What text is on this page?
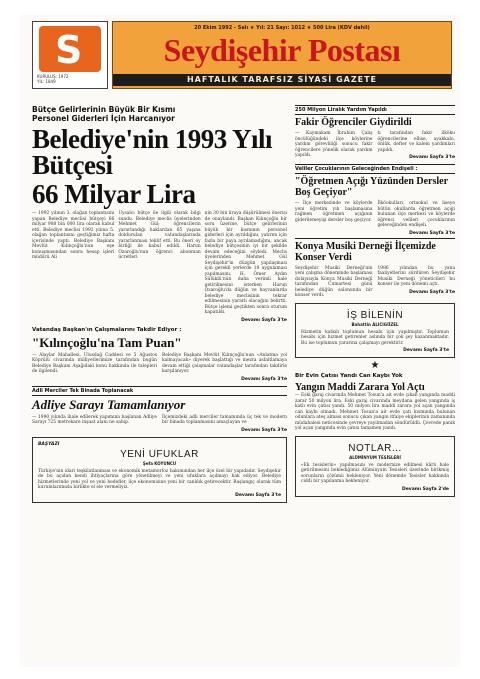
S
KURULUŞ: 1972
YIL: 1849
20 Ekim 1992 - Salı ★ Yıl: 21 Sayı: 1012 ★ 500 Lira (KDV dahil)
Seydişehir Postası
HAFTALIK TARAFSIZ SİYASİ GAZETE
Bütçe Gelirlerinin Büyük Bir Kısmı
Personel Giderleri İçin Harcanıyor
Belediye'nin 1993 Yılı Bütçesi
66 Milyar Lira
— 1992 yılının 3. olağan toplantısını yapan Belediye meclisi bütçeyi 66 milyar 988 bin 000 lira olarak kabul etti. Belediye meclisi 1992 yılına 5. olağan toplantısını geçtiğimiz hafta içerisinde yaptı. Belediye Başkanı Mevlüt Kılınçoğlu'nun eşe konuşmasından sonra hesap işleri müdürü Ali
Uysalcı bütçe ile ilgili olarak bilgi sundu. Belediye meclis üyelerinden Mehmet Gül; öğrencilerin yararlandığı haklardan 65 yaşına doldurulan vatandaşlarında yararlanması teklif etti. Bu öneri oy birliği ile kabul edildi. Harun Ozaroğlu'nun öğrenci abonman ücretleri
nin 30 bin liraya düşürülmesi önerisi de onaylandı. Başkan Kılınçoğlu bir soru üzerine, bütçe gelirlerinin büyük bir kısmının personel giderleri için ayrıldığını, yatırım için fazla bir paya ayrılamadığını, ancak belediye bütçesinin iyi bir şekilde devam edeceğini söyledi. Meclis üyelerinden Mehmet Gül Seydişehir'in düzgün yapılaşması için gerekli yerlerde 18 uygulaması yapılmasını, H. Ömer Aydın Sülüklü'nün daha verimli hale getirilmesini isterken Harun Ozaroğlu'da düğün ve hayvanlarda belediye meclisinin tekrar edilmesinin yararlı olacağını belirtti. Bütçe işlemi geçtikten sonra oturum kapatıldı.
Devamı Sayfa 3'te
Vatandaş Başkan'ın Çalışmalarını Takdir Ediyor :
"Kılınçoğlu'na Tam Puan"
— Alaylar Mahallesi, Ulusdağ Caddesi ve 5 Ağustos Köprülü civarında milliyetlerimize tarafından bugün Belediye Başkanı Aşağıdaki konu hakkında ile talepleri de ilgilendi.
Belediye Başkanı Mevlüt Kılınçoğlu'nun «Anlatma yol kalmayacak» diyerek başlattığı ve mezra asfaltlamaya devam ettiği çalışmalar vatandaşlar tarafından takdirle karşılanıyor.
Devamı Sayfa 3'te
Adli Merciler Tek Binada Toplanacak
Adliye Sarayı Tamamlanıyor
— 1990 yılında ihale edilerek yapımına başlanan Adliye Sarayı 725 metrekare inşaat alanı ne sahip.
İlçemizdeki adli merciler tamamında üç tek ve modern bir binada toplanmasını amaçlayan ve
Devamı Sayfa 3'te
BAŞYAZI
YENİ UFUKLAR
Şefa KOYUNCU
Türkiye'nin idari teşkilatlanması ve ekonomik metamorfoz bakımından her ilçe özel bir yapıdadır. Seydişehir de bu açıdan kendi ihtiyaçlarına göre yönetilmeyi ve yeni ufuklara açılmayı hak ediyor. Belediye hizmetlerinde yeni yol ve yeni hedefler, ilçe ekonomisine yeni bir canlılık getirecektir. Başlangıç olarak tüm kurumlarımızla birlikte el ele vermeliyiz.
Devamı Sayfa 3'te
250 Milyon Liralık Yardım Yapıldı
Fakir Öğrenciler Giydirildi
— Kaymakam İbrahim Çalış öncülüğündeki ilçe köylerine yardım görevliliği sonucu fakir öğrencilere yönelik olarak yardım yapıldı.
tı tarafından fakir ilköku öğrencilerine ellise, ayakkabı, önlük, defter ve kalem yardımları yapıldı.
Devamı Sayfa 3'te
Veliler Çocuklarının Geleceğinden Endişeli :
"Öğretmen Açığı Yüzünden Dersler Boş Geçiyor"
— İlçe merkezinde ve köylerde yeni öğretim yılı başlamasına rağmen öğretmen açığının giderilemeyişi dersler boş geçiyor.
İlköokulları, ortaokul ve liseye bütün okullarda öğretmen açığı bulunan ilçe merkezi ve köylerde öğrenci velileri çocuklarının geleceğinden endişeli.
Devamı Sayfa 3'te
Konya Musiki Derneği İlçemizde Konser Verdi
Seydişehir Musiki Derneği'nin yeni çalışma döneminde başlaması dolayısıyla Konya Musiki Derneği tarafından Cumartesi günü belediye düğün salonunda bir konser verdi.
1986 yılından bu yana faaliyetlerini sürdüren Seydişehir Musiki Derneği yöneticileri bu konser ile yeni dönemi açtı.
Devamı Sayfa 3'te
İŞ BİLENİN
Bahattin ALICIGÜZEL
Hizmetin katkılı toplumun hesabı için yapılmıştır. Toplumun hesabı için hizmet getirenler aslında bir çok şey kazanmaktadır. Bu ise toplumun yararına çalışmayı gerektirir.
Devamı Sayfa 3'te
★
Bir Evin Çatısı Yandı Can Kaybı Yok
Yangın Maddi Zarara Yol Açtı
— Eski garaj civarında Mehmet Tosun'a ait evde çıkan yangında maddi zarar 50 milyon lira. Eski garaj civarında meydana gelen yangında iş katlı evin çatısı yandı. 50 milyon lira maddi zarara yol açan yangında can kaybı olmadı. Mehmet Tosun'a ait evde çatı kısmında bulunan odunlara ateş alması sonucu çıkan yangın itfaiye ekiplerinin zamanında müdahalesi neticesinde çevreye yayılmadan söndürüldü. Çevrede panik yol açan yangında evin çatısı tamamen yandı.
NOTLAR...
ALÜMİNYUM TESİSLERİ
«Ek tesislerin» yapılmasını ve modernize edilmesi kârlı hale getirilmesini beklediğimiz Alüminyum Tesisleri üzerinde birikmiş sorunların çözümü bekleniyor. Yeni dönemde Tesisler hakkında ciddi bir yapılanma bekleniyor.
Devamı Sayfa 2'de
